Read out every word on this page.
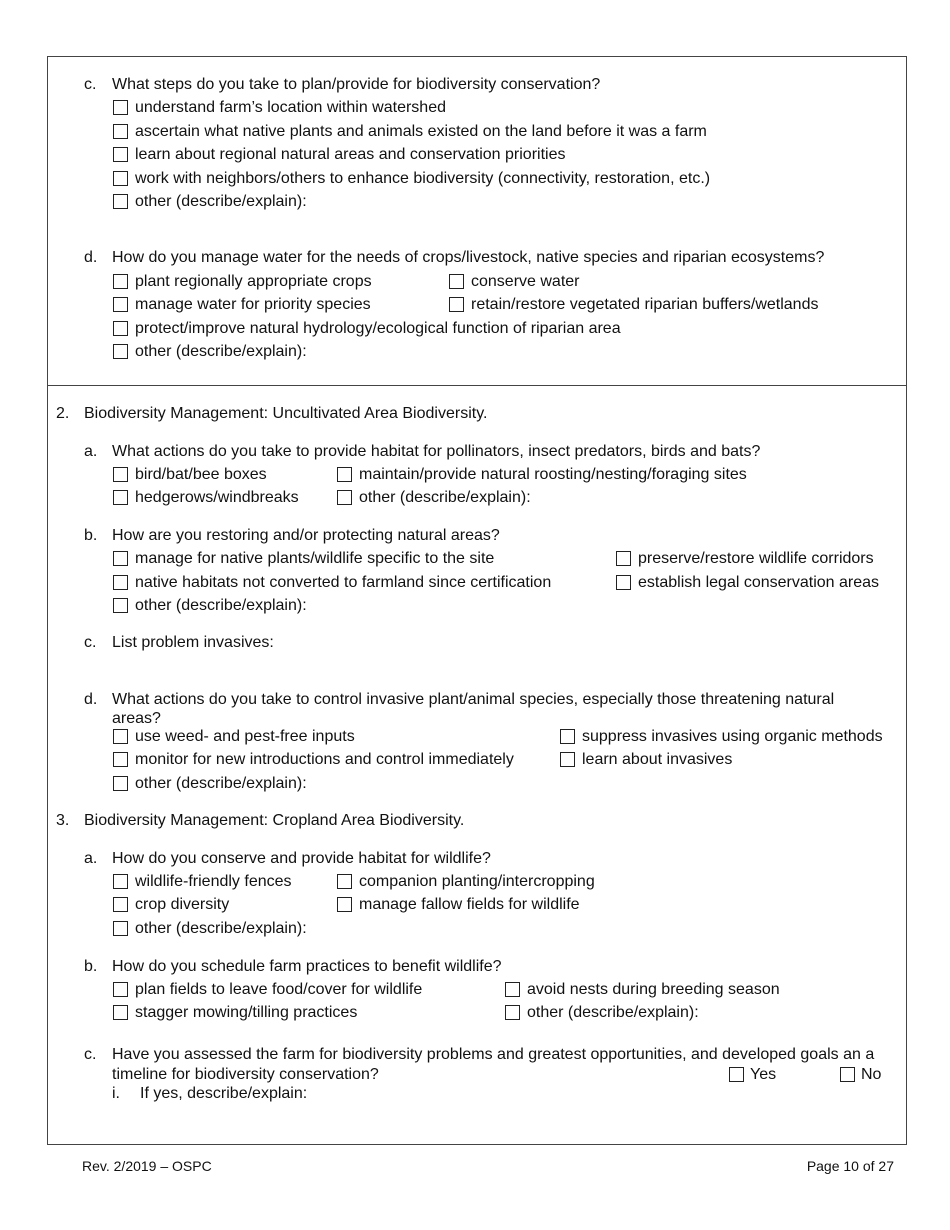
c. What steps do you take to plan/provide for biodiversity conservation?
understand farm’s location within watershed
ascertain what native plants and animals existed on the land before it was a farm
learn about regional natural areas and conservation priorities
work with neighbors/others to enhance biodiversity (connectivity, restoration, etc.)
other (describe/explain):
d. How do you manage water for the needs of crops/livestock, native species and riparian ecosystems?
plant regionally appropriate crops	conserve water
manage water for priority species	retain/restore vegetated riparian buffers/wetlands
protect/improve natural hydrology/ecological function of riparian area
other (describe/explain):
2. Biodiversity Management: Uncultivated Area Biodiversity.
a. What actions do you take to provide habitat for pollinators, insect predators, birds and bats?
bird/bat/bee boxes	maintain/provide natural roosting/nesting/foraging sites
hedgerows/windbreaks	other (describe/explain):
b. How are you restoring and/or protecting natural areas?
manage for native plants/wildlife specific to the site	preserve/restore wildlife corridors
native habitats not converted to farmland since certification	establish legal conservation areas
other (describe/explain):
c. List problem invasives:
d. What actions do you take to control invasive plant/animal species, especially those threatening natural
areas?
use weed- and pest-free inputs	suppress invasives using organic methods
monitor for new introductions and control immediately	learn about invasives
other (describe/explain):
3. Biodiversity Management: Cropland Area Biodiversity.
a. How do you conserve and provide habitat for wildlife?
wildlife-friendly fences	companion planting/intercropping
crop diversity	manage fallow fields for wildlife
other (describe/explain):
b. How do you schedule farm practices to benefit wildlife?
plan fields to leave food/cover for wildlife	avoid nests during breeding season
stagger mowing/tilling practices	other (describe/explain):
c. Have you assessed the farm for biodiversity problems and greatest opportunities, and developed goals an a
timeline for biodiversity conservation?	Yes	No
i. If yes, describe/explain:
Rev. 2/2019 – OSPC	Page 10 of 27
